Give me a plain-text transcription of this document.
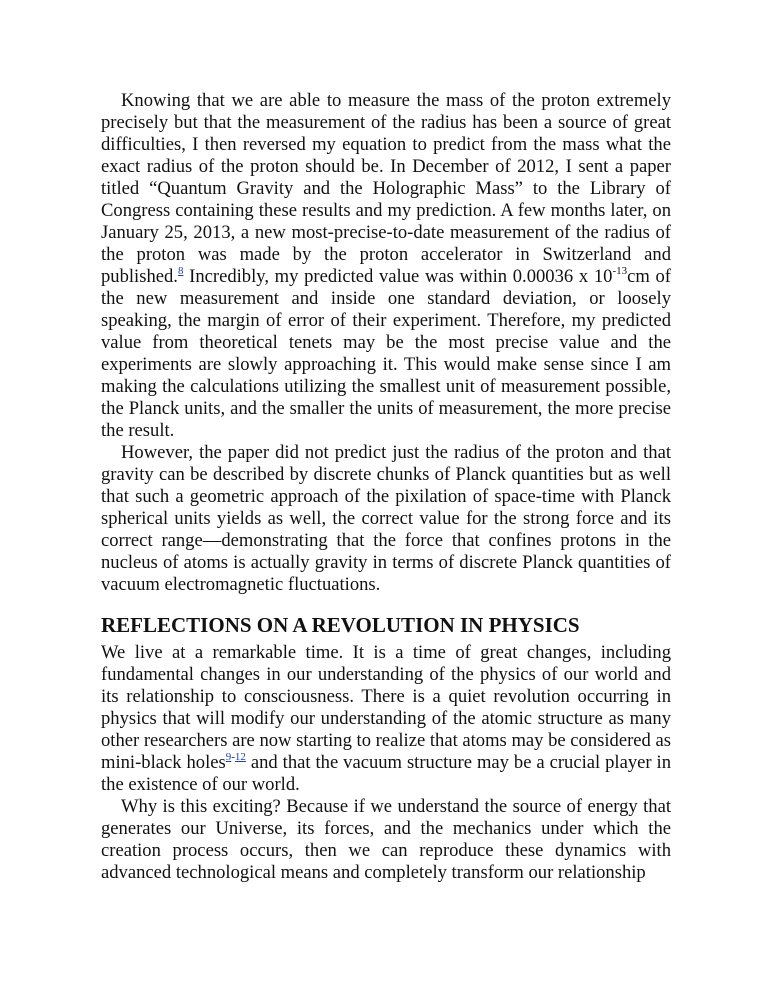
Knowing that we are able to measure the mass of the proton extremely precisely but that the measurement of the radius has been a source of great difficulties, I then reversed my equation to predict from the mass what the exact radius of the proton should be. In December of 2012, I sent a paper titled “Quantum Gravity and the Holographic Mass” to the Library of Congress containing these results and my prediction. A few months later, on January 25, 2013, a new most-precise-to-date measurement of the radius of the proton was made by the proton accelerator in Switzerland and published.$^8$ Incredibly, my predicted value was within 0.00036 x $10^{-13}cm$ of the new measurement and inside one standard deviation, or loosely speaking, the margin of error of their experiment. Therefore, my predicted value from theoretical tenets may be the most precise value and the experiments are slowly approaching it. This would make sense since I am making the calculations utilizing the smallest unit of measurement possible, the Planck units, and the smaller the units of measurement, the more precise the result.

However, the paper did not predict just the radius of the proton and that gravity can be described by discrete chunks of Planck quantities but as well that such a geometric approach of the pixilation of space-time with Planck spherical units yields as well, the correct value for the strong force and its correct range—demonstrating that the force that confines protons in the nucleus of atoms is actually gravity in terms of discrete Planck quantities of vacuum electromagnetic fluctuations.

REFLECTIONS ON A REVOLUTION IN PHYSICS

We live at a remarkable time. It is a time of great changes, including fundamental changes in our understanding of the physics of our world and its relationship to consciousness. There is a quiet revolution occurring in physics that will modify our understanding of the atomic structure as many other researchers are now starting to realize that atoms may be considered as mini-black holes$^{9-12}$ and that the vacuum structure may be a crucial player in the existence of our world.

Why is this exciting? Because if we understand the source of energy that generates our Universe, its forces, and the mechanics under which the creation process occurs, then we can reproduce these dynamics with advanced technological means and completely transform our relationship
